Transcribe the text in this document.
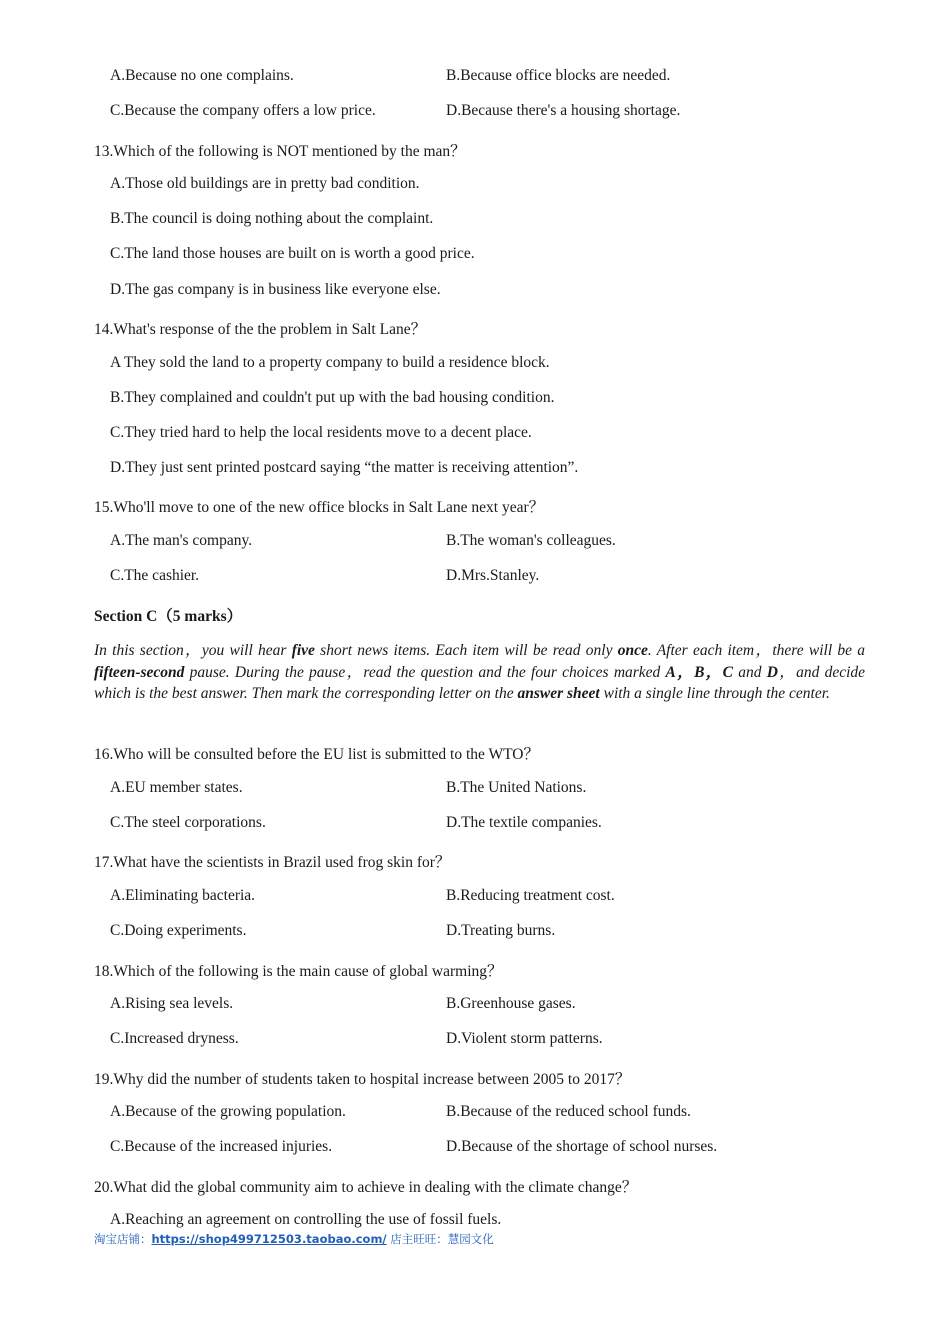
A.Because no one complains.	B.Because office blocks are needed.
C.Because the company offers a low price.	D.Because there's a housing shortage.
13.Which of the following is NOT mentioned by the man？
A.Those old buildings are in pretty bad condition.
B.The council is doing nothing about the complaint.
C.The land those houses are built on is worth a good price.
D.The gas company is in business like everyone else.
14.What's response of the the problem in Salt Lane？
A They sold the land to a property company to build a residence block.
B.They complained and couldn't put up with the bad housing condition.
C.They tried hard to help the local residents move to a decent place.
D.They just sent printed postcard saying “the matter is receiving attention”.
15.Who'll move to one of the new office blocks in Salt Lane next year？
A.The man's company.	B.The woman's colleagues.
C.The cashier.	D.Mrs.Stanley.
Section C（5 marks）
In this section，you will hear five short news items. Each item will be read only once. After each item，there will be a fifteen-second pause. During the pause，read the question and the four choices marked A，B，C and D，and decide which is the best answer. Then mark the corresponding letter on the answer sheet with a single line through the center.
16.Who will be consulted before the EU list is submitted to the WTO？
A.EU member states.	B.The United Nations.
C.The steel corporations.	D.The textile companies.
17.What have the scientists in Brazil used frog skin for？
A.Eliminating bacteria.	B.Reducing treatment cost.
C.Doing experiments.	D.Treating burns.
18.Which of the following is the main cause of global warming？
A.Rising sea levels.	B.Greenhouse gases.
C.Increased dryness.	D.Violent storm patterns.
19.Why did the number of students taken to hospital increase between 2005 to 2017？
A.Because of the growing population.	B.Because of the reduced school funds.
C.Because of the increased injuries.	D.Because of the shortage of school nurses.
20.What did the global community aim to achieve in dealing with the climate change？
A.Reaching an agreement on controlling the use of fossil fuels.
淘宝店铺：https://shop499712503.taobao.com/ 店主旺旺：慧园文化
